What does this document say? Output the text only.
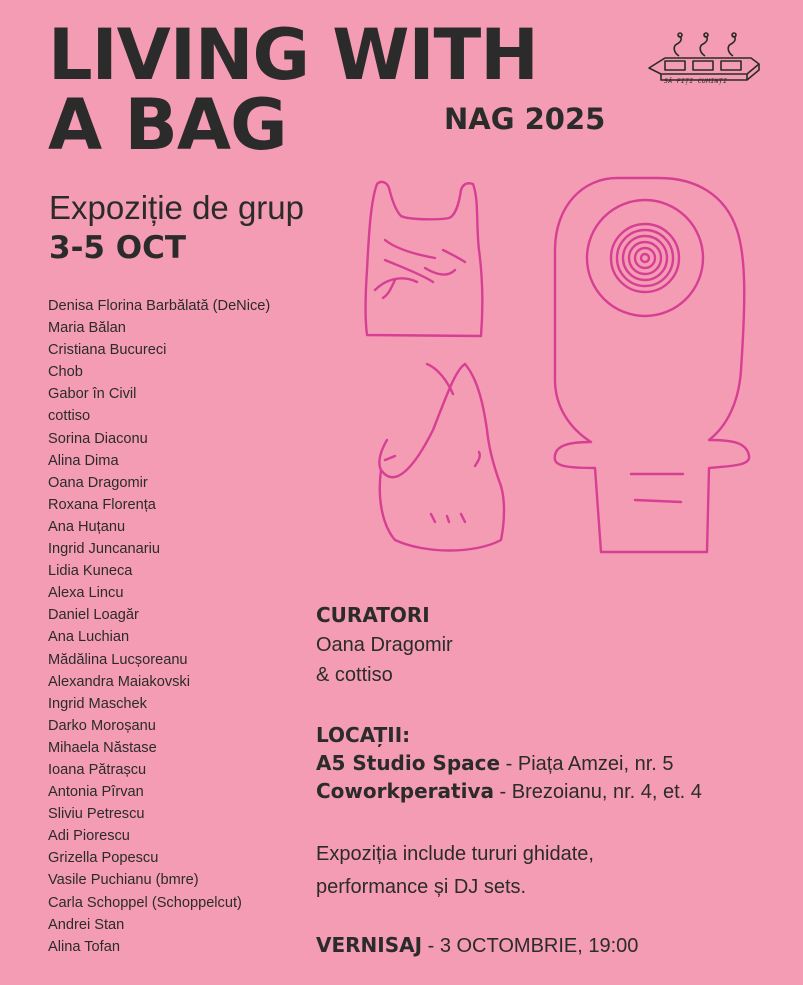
LIVING WITH
A BAG	NAG 2025
SĂ FIȚI CUMINȚI
Expoziție de grup
3-5 OCT
Denisa Florina Barbălată (DeNice)
Maria Bălan
Cristiana Bucureci
Chob
Gabor în Civil
cottiso
Sorina Diaconu
Alina Dima
Oana Dragomir
Roxana Florența
Ana Huțanu
Ingrid Juncanariu
Lidia Kuneca
Alexa Lincu
Daniel Loagăr
Ana Luchian
Mădălina Lucșoreanu
Alexandra Maiakovski
Ingrid Maschek
Darko Moroșanu
Mihaela Năstase
Ioana Pătrașcu
Antonia Pîrvan
Sliviu Petrescu
Adi Piorescu
Grizella Popescu
Vasile Puchianu (bmre)
Carla Schoppel (Schoppelcut)
Andrei Stan
Alina Tofan
CURATORI
Oana Dragomir
& cottiso
LOCAȚII:
A5 Studio Space - Piața Amzei, nr. 5
Coworkperativa - Brezoianu, nr. 4, et. 4
Expoziția include tururi ghidate,
performance și DJ sets.
VERNISAJ - 3 OCTOMBRIE, 19:00
